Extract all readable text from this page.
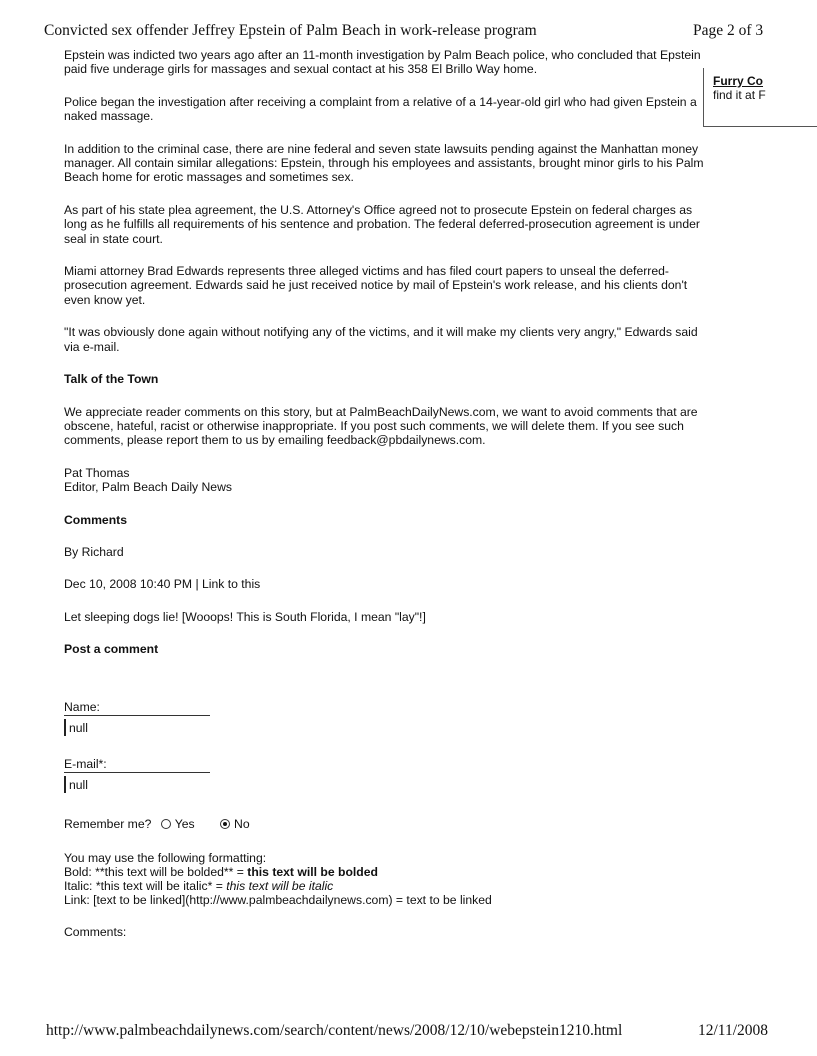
Convicted sex offender Jeffrey Epstein of Palm Beach in work-release program	Page 2 of 3
Furry Co
find it at F

Epstein was indicted two years ago after an 11-month investigation by Palm Beach police, who concluded that Epstein paid five underage girls for massages and sexual contact at his 358 El Brillo Way home.

Police began the investigation after receiving a complaint from a relative of a 14-year-old girl who had given Epstein a naked massage.

In addition to the criminal case, there are nine federal and seven state lawsuits pending against the Manhattan money manager. All contain similar allegations: Epstein, through his employees and assistants, brought minor girls to his Palm Beach home for erotic massages and sometimes sex.

As part of his state plea agreement, the U.S. Attorney's Office agreed not to prosecute Epstein on federal charges as long as he fulfills all requirements of his sentence and probation. The federal deferred-prosecution agreement is under seal in state court.

Miami attorney Brad Edwards represents three alleged victims and has filed court papers to unseal the deferred-prosecution agreement. Edwards said he just received notice by mail of Epstein's work release, and his clients don't even know yet.

"It was obviously done again without notifying any of the victims, and it will make my clients very angry," Edwards said via e-mail.

Talk of the Town

We appreciate reader comments on this story, but at PalmBeachDailyNews.com, we want to avoid comments that are obscene, hateful, racist or otherwise inappropriate. If you post such comments, we will delete them. If you see such comments, please report them to us by emailing feedback@pbdailynews.com.

Pat Thomas

Editor, Palm Beach Daily News

Comments

By Richard

Dec 10, 2008 10:40 PM | Link to this

Let sleeping dogs lie! [Wooops! This is South Florida, I mean "lay"!]

Post a comment

Name:
null
E-mail*:
null
Remember me? Yes	No
You may use the following formatting:
Bold: **this text will be bolded** = this text will be bolded
Italic: *this text will be italic* = this text will be italic
Link: [text to be linked](http://www.palmbeachdailynews.com) = text to be linked
Comments:
http://www.palmbeachdailynews.com/search/content/news/2008/12/10/webepstein1210.html	12/11/2008
